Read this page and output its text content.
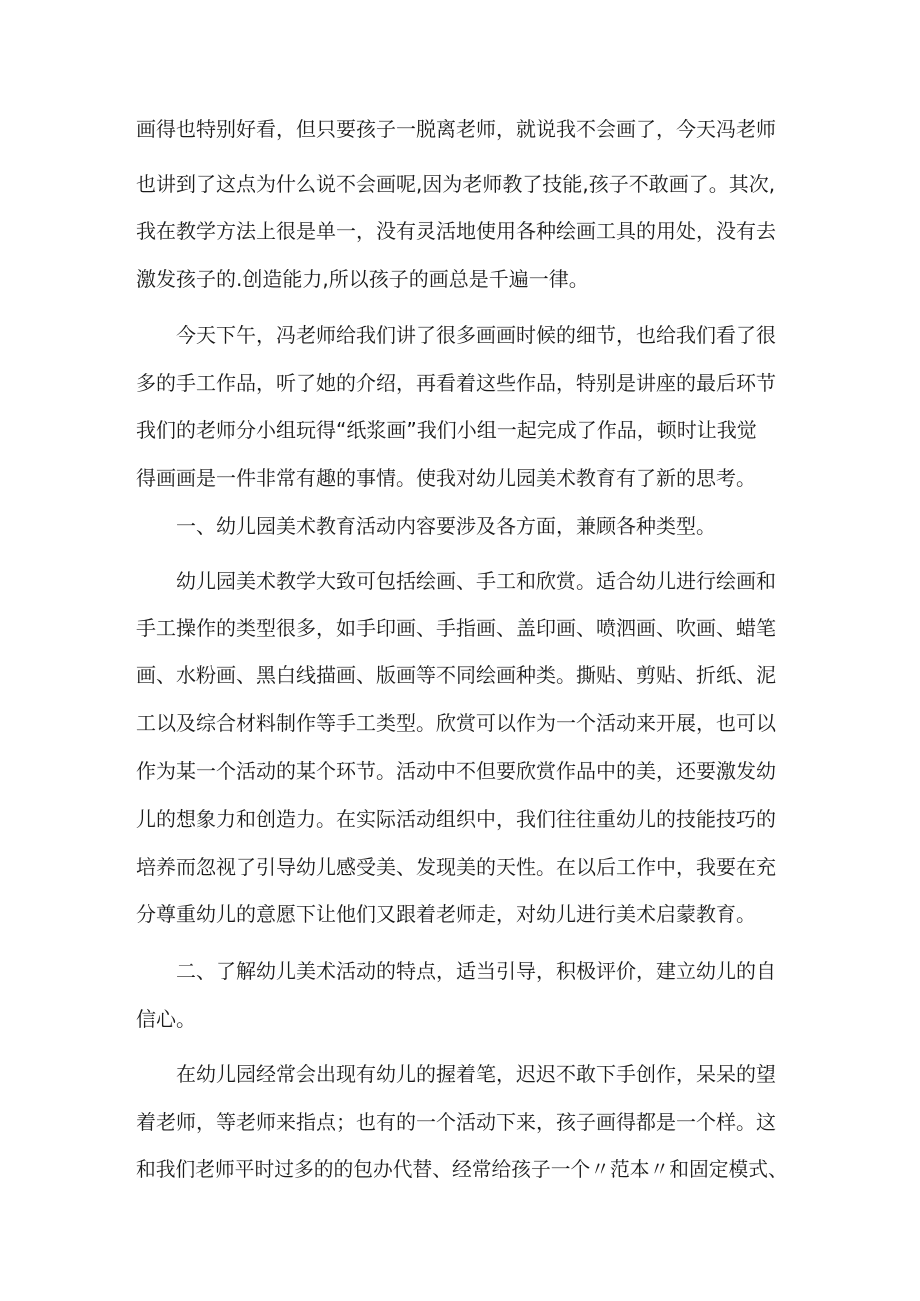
画得也特别好看，但只要孩子一脱离老师，就说我不会画了，今天冯老师
也讲到了这点为什么说不会画呢,因为老师教了技能,孩子不敢画了。其次,
我在教学方法上很是单一，没有灵活地使用各种绘画工具的用处，没有去
激发孩子的.创造能力,所以孩子的画总是千遍一律。
今天下午，冯老师给我们讲了很多画画时候的细节，也给我们看了很
多的手工作品，听了她的介绍，再看着这些作品，特别是讲座的最后环节
我们的老师分小组玩得“纸浆画”我们小组一起完成了作品，顿时让我觉
得画画是一件非常有趣的事情。使我对幼儿园美术教育有了新的思考。
一、幼儿园美术教育活动内容要涉及各方面，兼顾各种类型。
幼儿园美术教学大致可包括绘画、手工和欣赏。适合幼儿进行绘画和
手工操作的类型很多，如手印画、手指画、盖印画、喷泗画、吹画、蜡笔
画、水粉画、黑白线描画、版画等不同绘画种类。撕贴、剪贴、折纸、泥
工以及综合材料制作等手工类型。欣赏可以作为一个活动来开展，也可以
作为某一个活动的某个环节。活动中不但要欣赏作品中的美，还要激发幼
儿的想象力和创造力。在实际活动组织中，我们往往重幼儿的技能技巧的
培养而忽视了引导幼儿感受美、发现美的天性。在以后工作中，我要在充
分尊重幼儿的意愿下让他们又跟着老师走，对幼儿进行美术启蒙教育。
二、了解幼儿美术活动的特点，适当引导，积极评价，建立幼儿的自
信心。
在幼儿园经常会出现有幼儿的握着笔，迟迟不敢下手创作，呆呆的望
着老师，等老师来指点；也有的一个活动下来，孩子画得都是一个样。这
和我们老师平时过多的的包办代替、经常给孩子一个〃范本〃和固定模式、
